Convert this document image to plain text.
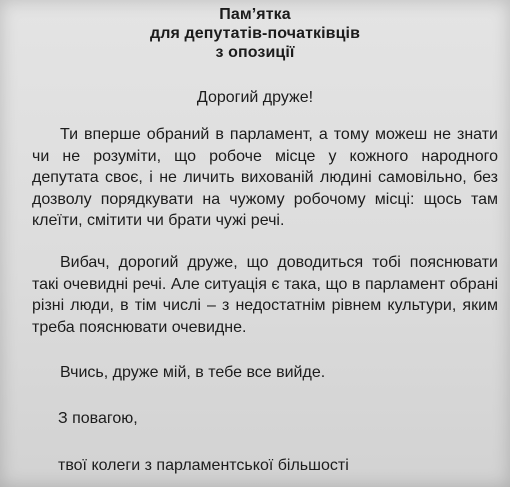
Пам’ятка
для депутатів-початківців
з опозиції
Дорогий друже!

Ти вперше обраний в парламент, а тому можеш не знати чи не розуміти, що робоче місце у кожного народного депутата своє, і не личить вихованій людині самовільно, без дозволу порядкувати на чужому робочому місці: щось там клеїти, смітити чи брати чужі речі.

Вибач, дорогий друже, що доводиться тобі пояснювати такі очевидні речі. Але ситуація є така, що в парламент обрані різні люди, в тім числі – з недостатнім рівнем культури, яким треба пояснювати очевидне.

Вчись, друже мій, в тебе все вийде.

З повагою,
твої колеги з парламентської більшості
